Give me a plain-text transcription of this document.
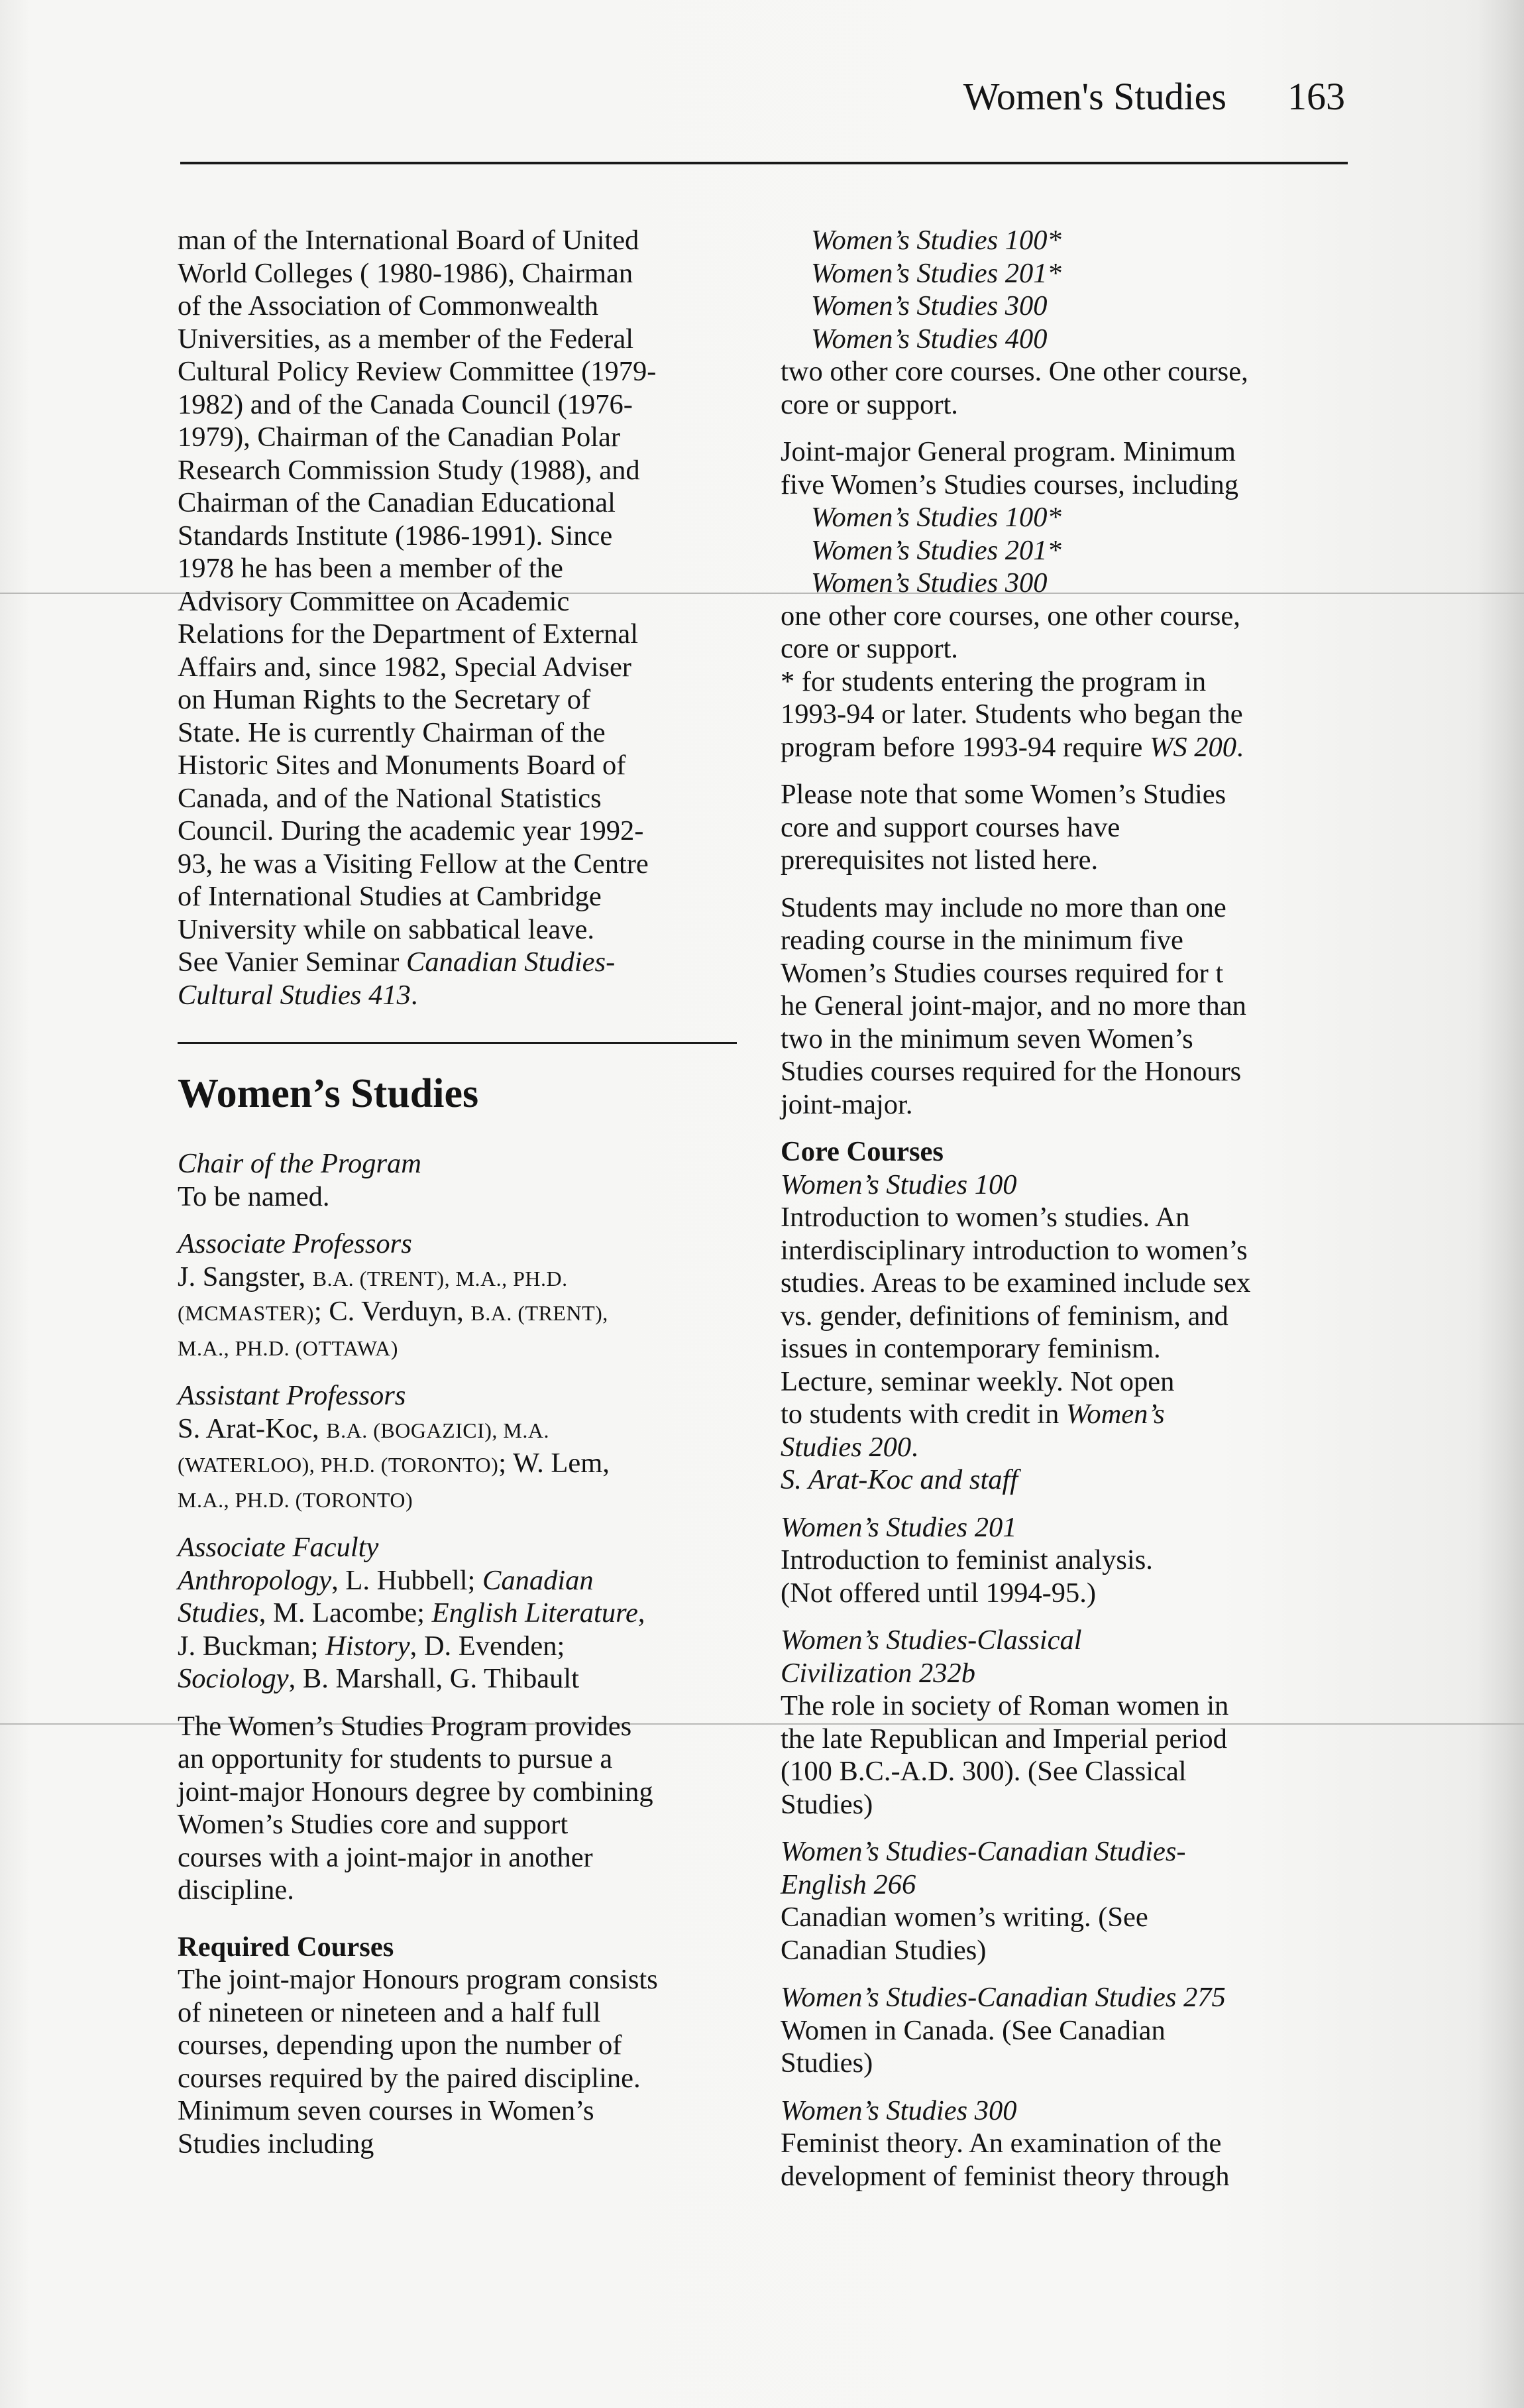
Women's Studies 163
man of the International Board of United
World Colleges ( 1980-1986), Chairman
of the Association of Commonwealth
Universities, as a member of the Federal
Cultural Policy Review Committee (1979-
1982) and of the Canada Council (1976-
1979), Chairman of the Canadian Polar
Research Commission Study (1988), and
Chairman of the Canadian Educational
Standards Institute (1986-1991). Since
1978 he has been a member of the
Advisory Committee on Academic
Relations for the Department of External
Affairs and, since 1982, Special Adviser
on Human Rights to the Secretary of
State. He is currently Chairman of the
Historic Sites and Monuments Board of
Canada, and of the National Statistics
Council. During the academic year 1992-
93, he was a Visiting Fellow at the Centre
of International Studies at Cambridge
University while on sabbatical leave.
See Vanier Seminar Canadian Studies-
Cultural Studies 413.
Women’s Studies
Chair of the Program
To be named.
Associate Professors
J. Sangster, B.A. (TRENT), M.A., PH.D.
(MCMASTER); C. Verduyn, B.A. (TRENT),
M.A., PH.D. (OTTAWA)
Assistant Professors
S. Arat-Koc, B.A. (BOGAZICI), M.A.
(WATERLOO), PH.D. (TORONTO); W. Lem,
M.A., PH.D. (TORONTO)
Associate Faculty
Anthropology, L. Hubbell; Canadian
Studies, M. Lacombe; English Literature,
J. Buckman; History, D. Evenden;
Sociology, B. Marshall, G. Thibault
The Women’s Studies Program provides
an opportunity for students to pursue a
joint-major Honours degree by combining
Women’s Studies core and support
courses with a joint-major in another
discipline.
Required Courses
The joint-major Honours program consists
of nineteen or nineteen and a half full
courses, depending upon the number of
courses required by the paired discipline.
Minimum seven courses in Women’s
Studies including
Women’s Studies 100*
Women’s Studies 201*
Women’s Studies 300
Women’s Studies 400
two other core courses. One other course,
core or support.
Joint-major General program. Minimum
five Women’s Studies courses, including
Women’s Studies 100*
Women’s Studies 201*
Women’s Studies 300
one other core courses, one other course,
core or support.
* for students entering the program in
1993-94 or later. Students who began the
program before 1993-94 require WS 200.
Please note that some Women’s Studies
core and support courses have
prerequisites not listed here.
Students may include no more than one
reading course in the minimum five
Women’s Studies courses required for t
he General joint-major, and no more than
two in the minimum seven Women’s
Studies courses required for the Honours
joint-major.
Core Courses
Women’s Studies 100
Introduction to women’s studies. An
interdisciplinary introduction to women’s
studies. Areas to be examined include sex
vs. gender, definitions of feminism, and
issues in contemporary feminism.
Lecture, seminar weekly. Not open
to students with credit in Women’s
Studies 200.
S. Arat-Koc and staff
Women’s Studies 201
Introduction to feminist analysis.
(Not offered until 1994-95.)
Women’s Studies-Classical
Civilization 232b
The role in society of Roman women in
the late Republican and Imperial period
(100 B.C.-A.D. 300). (See Classical
Studies)
Women’s Studies-Canadian Studies-
English 266
Canadian women’s writing. (See
Canadian Studies)
Women’s Studies-Canadian Studies 275
Women in Canada. (See Canadian
Studies)
Women’s Studies 300
Feminist theory. An examination of the
development of feminist theory through
